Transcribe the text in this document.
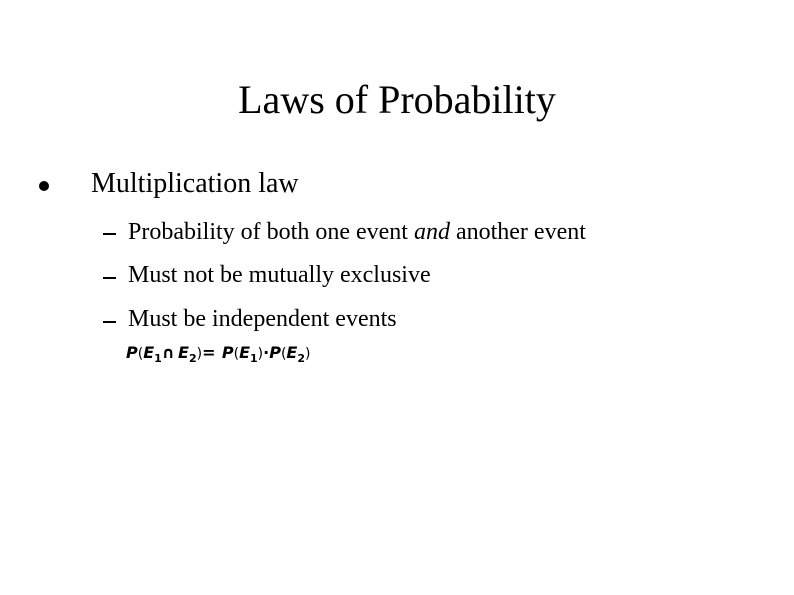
Laws of Probability
Multiplication law
Probability of both one event and another event
Must not be mutually exclusive
Must be independent events
$P(E_1\cap$  $E_2)= P(E_1)\cdot P(E_2)$
